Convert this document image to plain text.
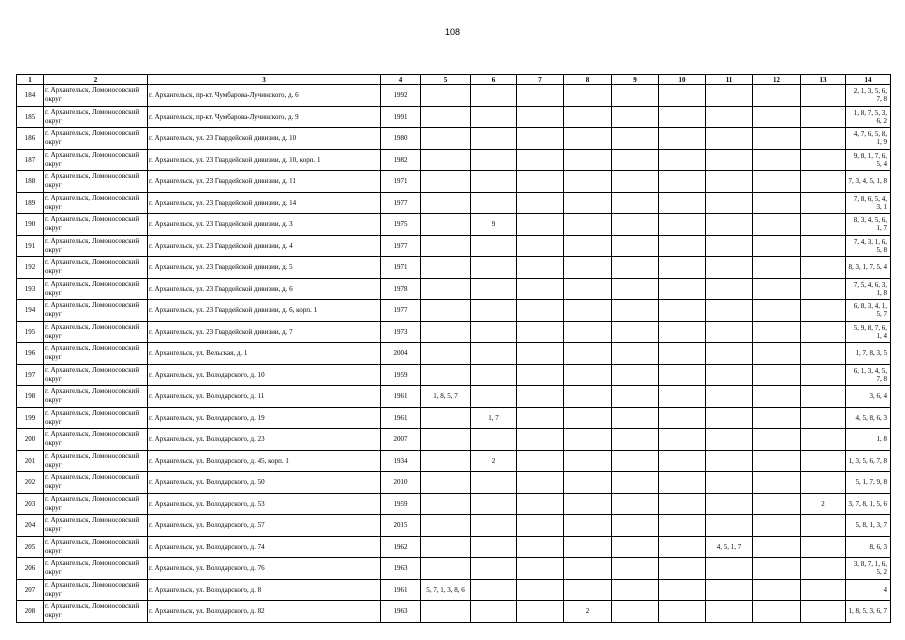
108
1	2	3	4	5	6	7	8	9	10	11	12	13	14
184	г. Архангельск, Ломоносовский округ	г. Архангельск, пр-кт. Чумбарова-Лучинского, д. 6	1992										2, 1, 3, 5, 6, 7, 8
185	г. Архангельск, Ломоносовский округ	г. Архангельск, пр-кт. Чумбарова-Лучинского, д. 9	1991										1, 8, 7, 5, 3, 6, 2
186	г. Архангельск, Ломоносовский округ	г. Архангельск, ул. 23 Гвардейской дивизии, д. 10	1980										4, 7, 6, 5, 8, 1, 9
187	г. Архангельск, Ломоносовский округ	г. Архангельск, ул. 23 Гвардейской дивизии, д. 10, корп. 1	1982										9, 8, 1, 7, 6, 5, 4
188	г. Архангельск, Ломоносовский округ	г. Архангельск, ул. 23 Гвардейской дивизии, д. 11	1971										7, 3, 4, 5, 1, 8
189	г. Архангельск, Ломоносовский округ	г. Архангельск, ул. 23 Гвардейской дивизии, д. 14	1977										7, 8, 6, 5, 4, 3, 1
190	г. Архангельск, Ломоносовский округ	г. Архангельск, ул. 23 Гвардейской дивизии, д. 3	1975		9								8, 3, 4, 5, 6, 1, 7
191	г. Архангельск, Ломоносовский округ	г. Архангельск, ул. 23 Гвардейской дивизии, д. 4	1977										7, 4, 3, 1, 6, 5, 8
192	г. Архангельск, Ломоносовский округ	г. Архангельск, ул. 23 Гвардейской дивизии, д. 5	1971										8, 3, 1, 7, 5, 4
193	г. Архангельск, Ломоносовский округ	г. Архангельск, ул. 23 Гвардейской дивизии, д. 6	1978										7, 5, 4, 6, 3, 1, 8
194	г. Архангельск, Ломоносовский округ	г. Архангельск, ул. 23 Гвардейской дивизии, д. 6, корп. 1	1977										6, 8, 3, 4, 1, 5, 7
195	г. Архангельск, Ломоносовский округ	г. Архангельск, ул. 23 Гвардейской дивизии, д. 7	1973										5, 9, 8, 7, 6, 1, 4
196	г. Архангельск, Ломоносовский округ	г. Архангельск, ул. Вельская, д. 1	2004										1, 7, 8, 3, 5
197	г. Архангельск, Ломоносовский округ	г. Архангельск, ул. Володарского, д. 10	1959										6, 1, 3, 4, 5, 7, 8
198	г. Архангельск, Ломоносовский округ	г. Архангельск, ул. Володарского, д. 11	1961	1, 8, 5, 7									3, 6, 4
199	г. Архангельск, Ломоносовский округ	г. Архангельск, ул. Володарского, д. 19	1961		1, 7								4, 5, 8, 6, 3
200	г. Архангельск, Ломоносовский округ	г. Архангельск, ул. Володарского, д. 23	2007										1, 8
201	г. Архангельск, Ломоносовский округ	г. Архангельск, ул. Володарского, д. 45, корп. 1	1934		2								1, 3, 5, 6, 7, 8
202	г. Архангельск, Ломоносовский округ	г. Архангельск, ул. Володарского, д. 50	2010										5, 1, 7, 9, 8
203	г. Архангельск, Ломоносовский округ	г. Архангельск, ул. Володарского, д. 53	1959									2	3, 7, 8, 1, 5, 6
204	г. Архангельск, Ломоносовский округ	г. Архангельск, ул. Володарского, д. 57	2015										5, 8, 1, 3, 7
205	г. Архангельск, Ломоносовский округ	г. Архангельск, ул. Володарского, д. 74	1962							4, 5, 1, 7			8, 6, 3
206	г. Архангельск, Ломоносовский округ	г. Архангельск, ул. Володарского, д. 76	1963										3, 8, 7, 1, 6, 5, 2
207	г. Архангельск, Ломоносовский округ	г. Архангельск, ул. Володарского, д. 8	1961	5, 7, 1, 3, 8, 6									4
208	г. Архангельск, Ломоносовский округ	г. Архангельск, ул. Володарского, д. 82	1963				2						1, 8, 5, 3, 6, 7
